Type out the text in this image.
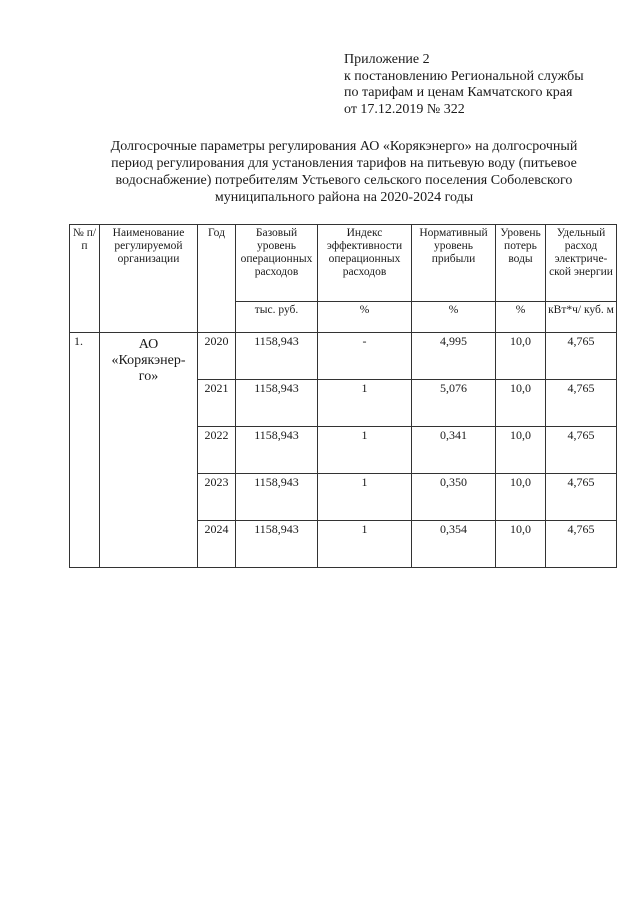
Приложение 2
к постановлению Региональной службы
по тарифам и ценам Камчатского края
от 17.12.2019 № 322
Долгосрочные параметры регулирования АО «Корякэнерго» на долгосрочный
период регулирования для установления тарифов на питьевую воду (питьевое
водоснабжение) потребителям Устьевого сельского поселения Соболевского
муниципального района на 2020-2024 годы
№ п/п	Наименование регулируемой организации	Год	Базовый уровень операционных расходов	Индекс эффективности операционных расходов	Нормативный уровень прибыли	Уровень потерь воды	Удельный расход электриче-ской энергии
			тыс. руб.	%	%	%	кВт*ч/ куб. м
1.	АО «Корякэнер-го»	2020	1158,943	-	4,995	10,0	4,765
		2021	1158,943	1	5,076	10,0	4,765
		2022	1158,943	1	0,341	10,0	4,765
		2023	1158,943	1	0,350	10,0	4,765
		2024	1158,943	1	0,354	10,0	4,765
